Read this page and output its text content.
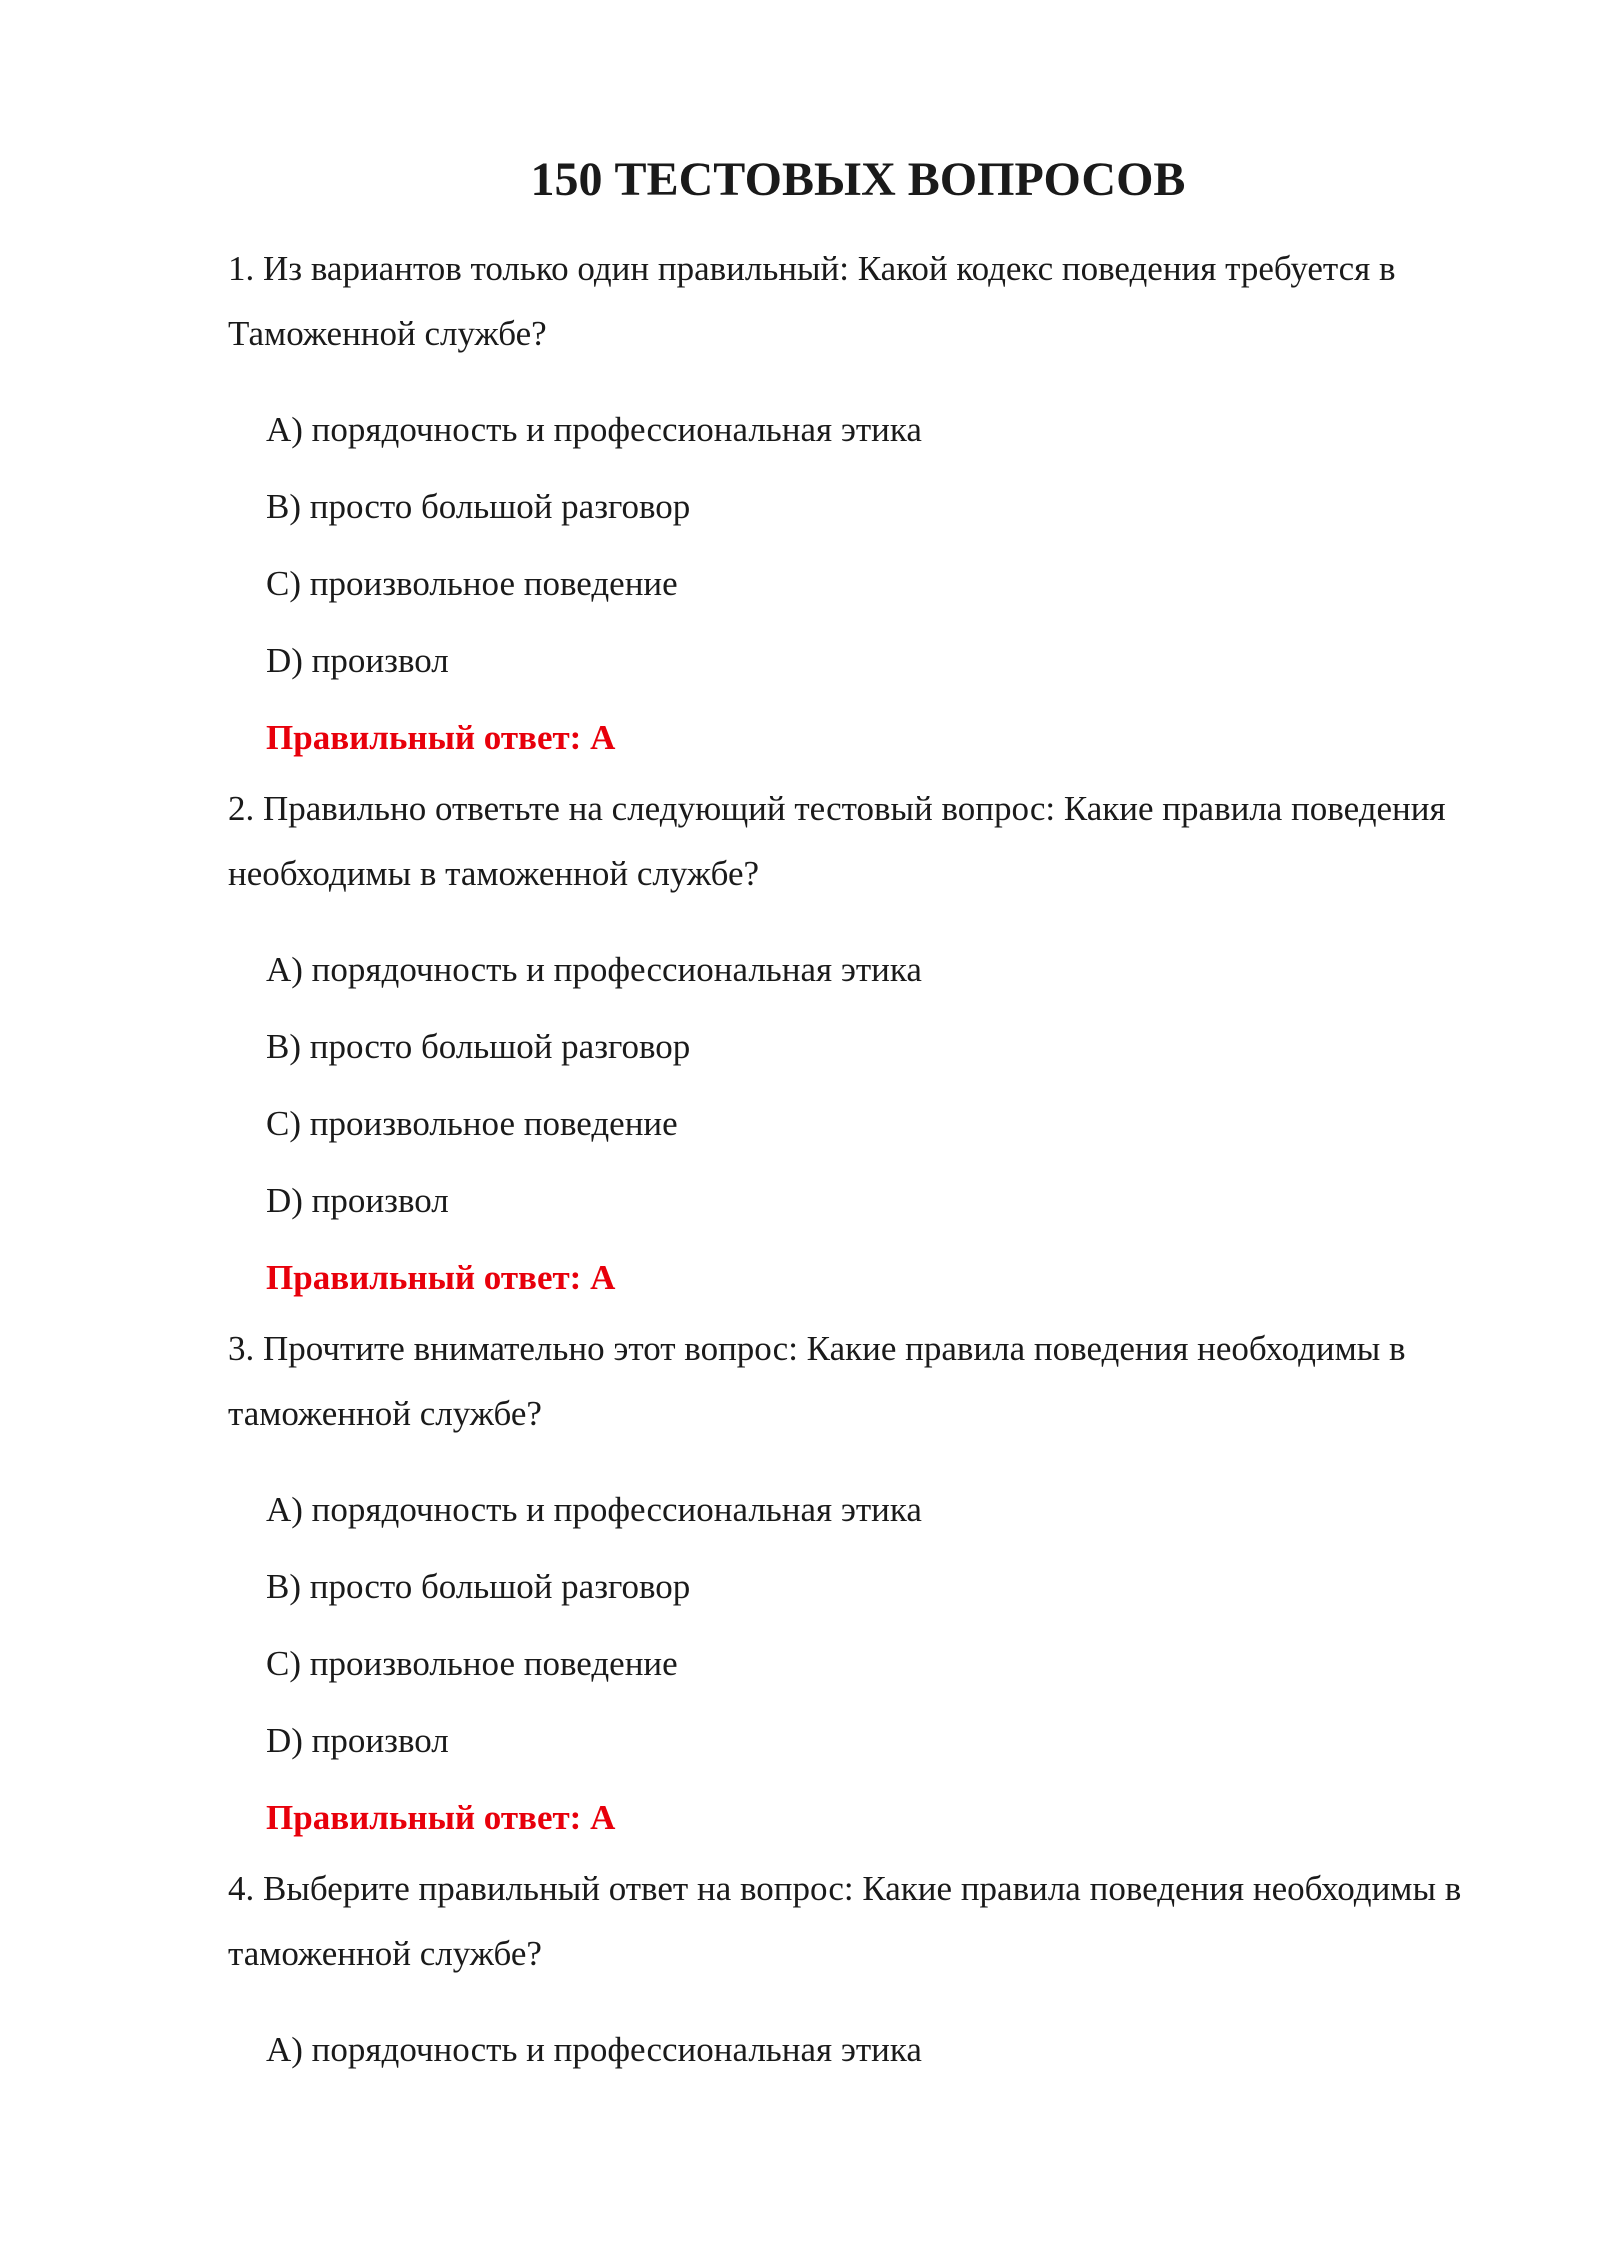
150 ТЕСТОВЫХ ВОПРОСОВ

1. Из вариантов только один правильный: Какой кодекс поведения требуется в Таможенной службе?

A) порядочность и профессиональная этика
B) просто большой разговор
C) произвольное поведение
D) произвол
Правильный ответ: A

2. Правильно ответьте на следующий тестовый вопрос: Какие правила поведения необходимы в таможенной службе?

A) порядочность и профессиональная этика
B) просто большой разговор
C) произвольное поведение
D) произвол
Правильный ответ: A

3. Прочтите внимательно этот вопрос: Какие правила поведения необходимы в таможенной службе?

A) порядочность и профессиональная этика
B) просто большой разговор
C) произвольное поведение
D) произвол
Правильный ответ: A

4. Выберите правильный ответ на вопрос: Какие правила поведения необходимы в таможенной службе?

A) порядочность и профессиональная этика
